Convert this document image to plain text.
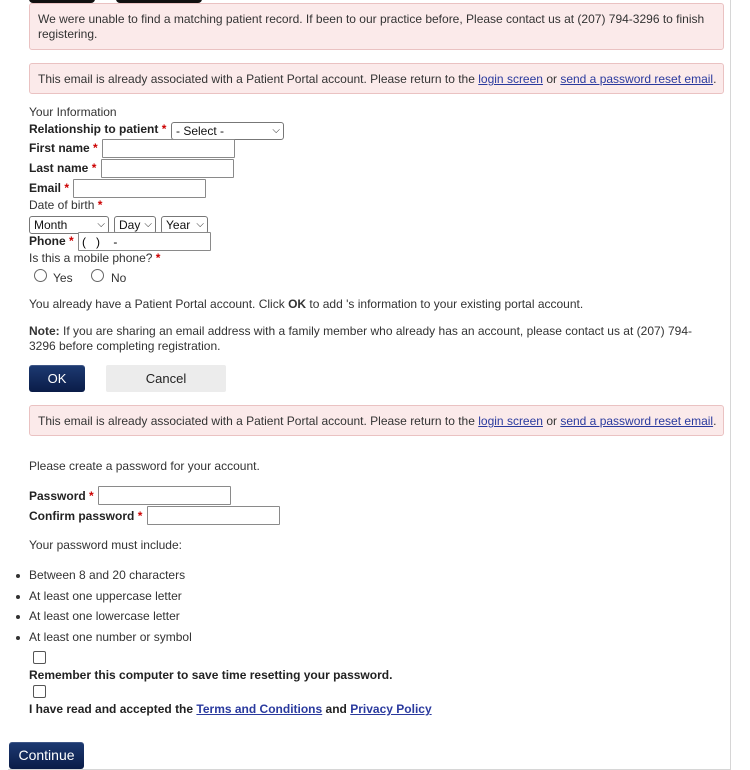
We were unable to find a matching patient record. If been to our practice before, Please contact us at (207) 794-3296 to finish registering.
This email is already associated with a Patient Portal account. Please return to the login screen or send a password reset email.
Your Information
Relationship to patient * - Select -	⌵
First name *
Last name *
Email *
Date of birth *
Month	⌵	Day ⌵	Year ⌵
Phone *
( ) -
Is this a mobile phone? *
Yes	No
You already have a Patient Portal account. Click OK to add 's information to your existing portal account.
Note: If you are sharing an email address with a family member who already has an account, please contact us at (207) 794-
3296 before completing registration.
OK	Cancel
This email is already associated with a Patient Portal account. Please return to the login screen or send a password reset email.
Please create a password for your account.
Password *
Confirm password *
Your password must include:
Between 8 and 20 characters
At least one uppercase letter
At least one lowercase letter
At least one number or symbol
Remember this computer to save time resetting your password.
I have read and accepted the Terms and Conditions and Privacy Policy
Continue
